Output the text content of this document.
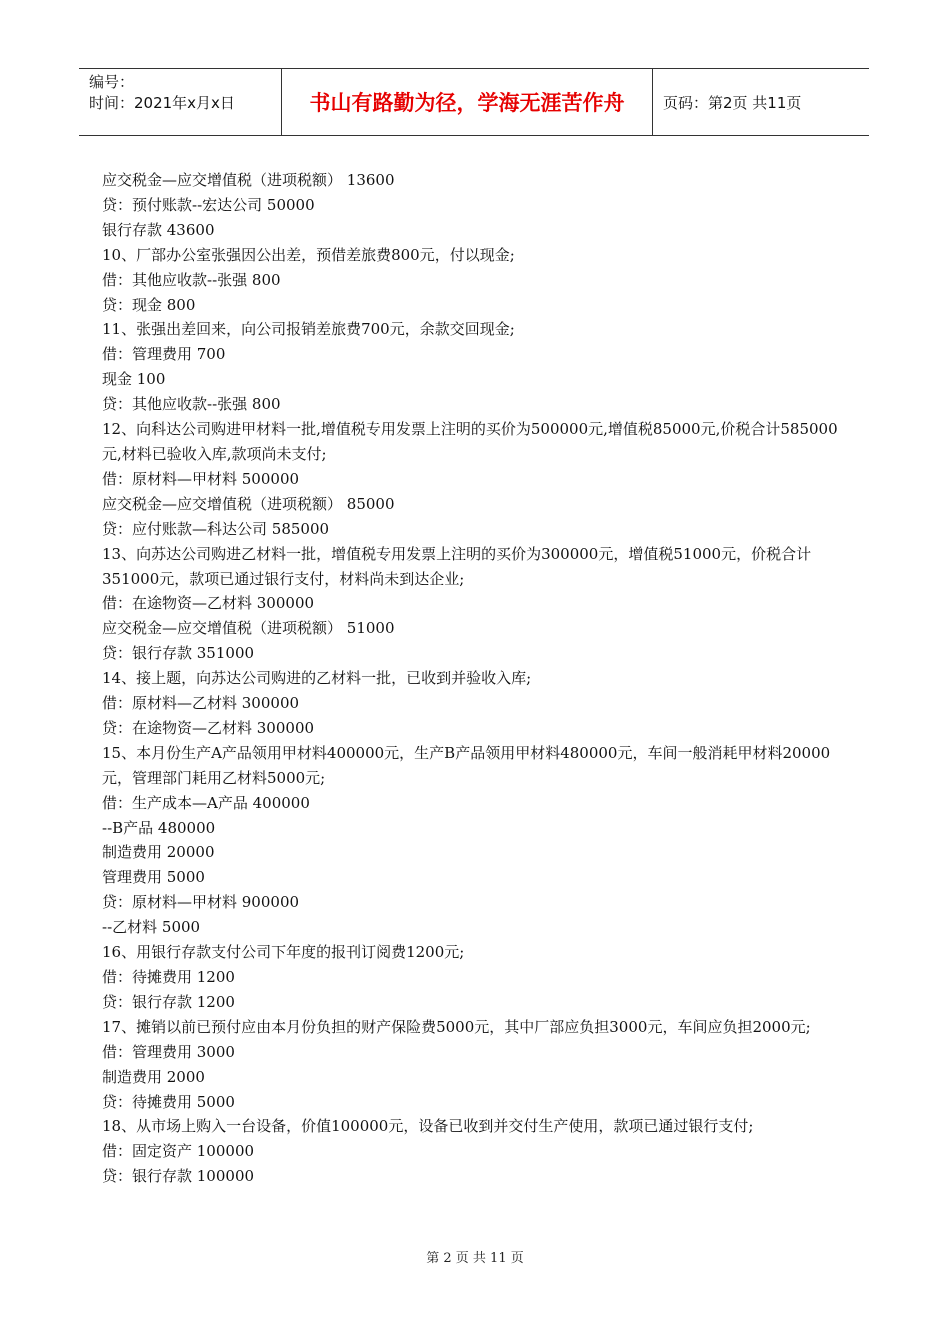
编号：
时间：2021年x月x日	书山有路勤为径，学海无涯苦作舟	页码：第2页 共11页

应交税金—应交增值税（进项税额） 13600

贷：预付账款--宏达公司 50000

银行存款 43600

10、厂部办公室张强因公出差，预借差旅费800元，付以现金;

借：其他应收款--张强 800

贷：现金 800

11、张强出差回来，向公司报销差旅费700元，余款交回现金;

借：管理费用 700

现金 100

贷：其他应收款--张强 800

12、向科达公司购进甲材料一批,增值税专用发票上注明的买价为500000元,增值税85000元,价税合计585000元,材料已验收入库,款项尚未支付;

借：原材料—甲材料 500000

应交税金—应交增值税（进项税额） 85000

贷：应付账款—科达公司 585000

13、向苏达公司购进乙材料一批，增值税专用发票上注明的买价为300000元，增值税51000元，价税合计351000元，款项已通过银行支付，材料尚未到达企业;

借：在途物资—乙材料 300000

应交税金—应交增值税（进项税额） 51000

贷：银行存款 351000

14、接上题，向苏达公司购进的乙材料一批，已收到并验收入库;

借：原材料—乙材料 300000

贷：在途物资—乙材料 300000

15、本月份生产A产品领用甲材料400000元，生产B产品领用甲材料480000元，车间一般消耗甲材料20000元，管理部门耗用乙材料5000元;

借：生产成本—A产品 400000

--B产品 480000

制造费用 20000

管理费用 5000

贷：原材料—甲材料 900000

--乙材料 5000

16、用银行存款支付公司下年度的报刊订阅费1200元;

借：待摊费用 1200

贷：银行存款 1200

17、摊销以前已预付应由本月份负担的财产保险费5000元，其中厂部应负担3000元，车间应负担2000元;

借：管理费用 3000

制造费用 2000

贷：待摊费用 5000

18、从市场上购入一台设备，价值100000元，设备已收到并交付生产使用，款项已通过银行支付;

借：固定资产 100000

贷：银行存款 100000

第 2 页 共 11 页
